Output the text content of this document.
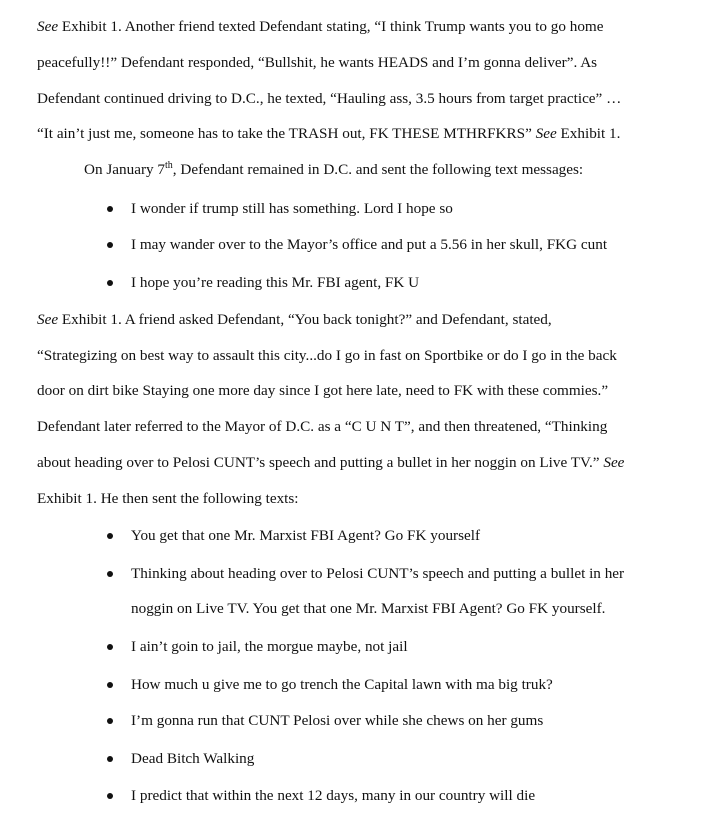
See Exhibit 1. Another friend texted Defendant stating, “I think Trump wants you to go home
peacefully!!” Defendant responded, “Bullshit, he wants HEADS and I’m gonna deliver”. As
Defendant continued driving to D.C., he texted, “Hauling ass, 3.5 hours from target practice” …
“It ain’t just me, someone has to take the TRASH out, FK THESE MTHRFKRS” See Exhibit 1.
On January 7th, Defendant remained in D.C. and sent the following text messages:
I wonder if trump still has something. Lord I hope so
I may wander over to the Mayor’s office and put a 5.56 in her skull, FKG cunt
I hope you’re reading this Mr. FBI agent, FK U
See Exhibit 1. A friend asked Defendant, “You back tonight?” and Defendant, stated,
“Strategizing on best way to assault this city...do I go in fast on Sportbike or do I go in the back
door on dirt bike Staying one more day since I got here late, need to FK with these commies.”
Defendant later referred to the Mayor of D.C. as a “C U N T”, and then threatened, “Thinking
about heading over to Pelosi CUNT’s speech and putting a bullet in her noggin on Live TV.” See
Exhibit 1. He then sent the following texts:
You get that one Mr. Marxist FBI Agent? Go FK yourself
Thinking about heading over to Pelosi CUNT’s speech and putting a bullet in her
noggin on Live TV. You get that one Mr. Marxist FBI Agent? Go FK yourself.
I ain’t goin to jail, the morgue maybe, not jail
How much u give me to go trench the Capital lawn with ma big truk?
I’m gonna run that CUNT Pelosi over while she chews on her gums
Dead Bitch Walking
I predict that within the next 12 days, many in our country will die
